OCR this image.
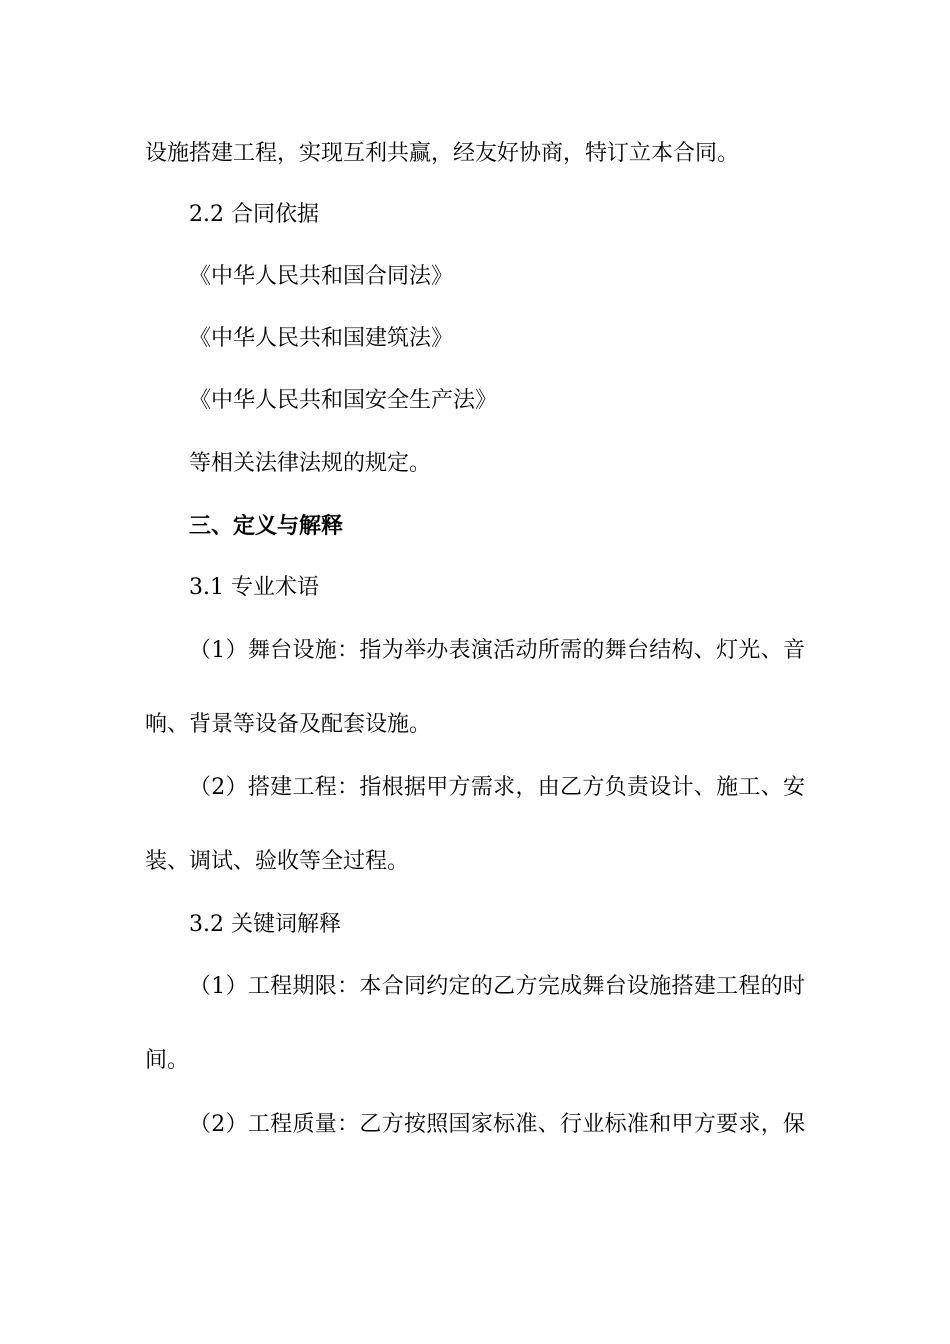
设施搭建工程，实现互利共赢，经友好协商，特订立本合同。

2.2 合同依据

《中华人民共和国合同法》

《中华人民共和国建筑法》

《中华人民共和国安全生产法》

等相关法律法规的规定。

三、定义与解释

3.1 专业术语

（1）舞台设施：指为举办表演活动所需的舞台结构、灯光、音

响、背景等设备及配套设施。

（2）搭建工程：指根据甲方需求，由乙方负责设计、施工、安

装、调试、验收等全过程。

3.2 关键词解释

（1）工程期限：本合同约定的乙方完成舞台设施搭建工程的时

间。

（2）工程质量：乙方按照国家标准、行业标准和甲方要求，保
